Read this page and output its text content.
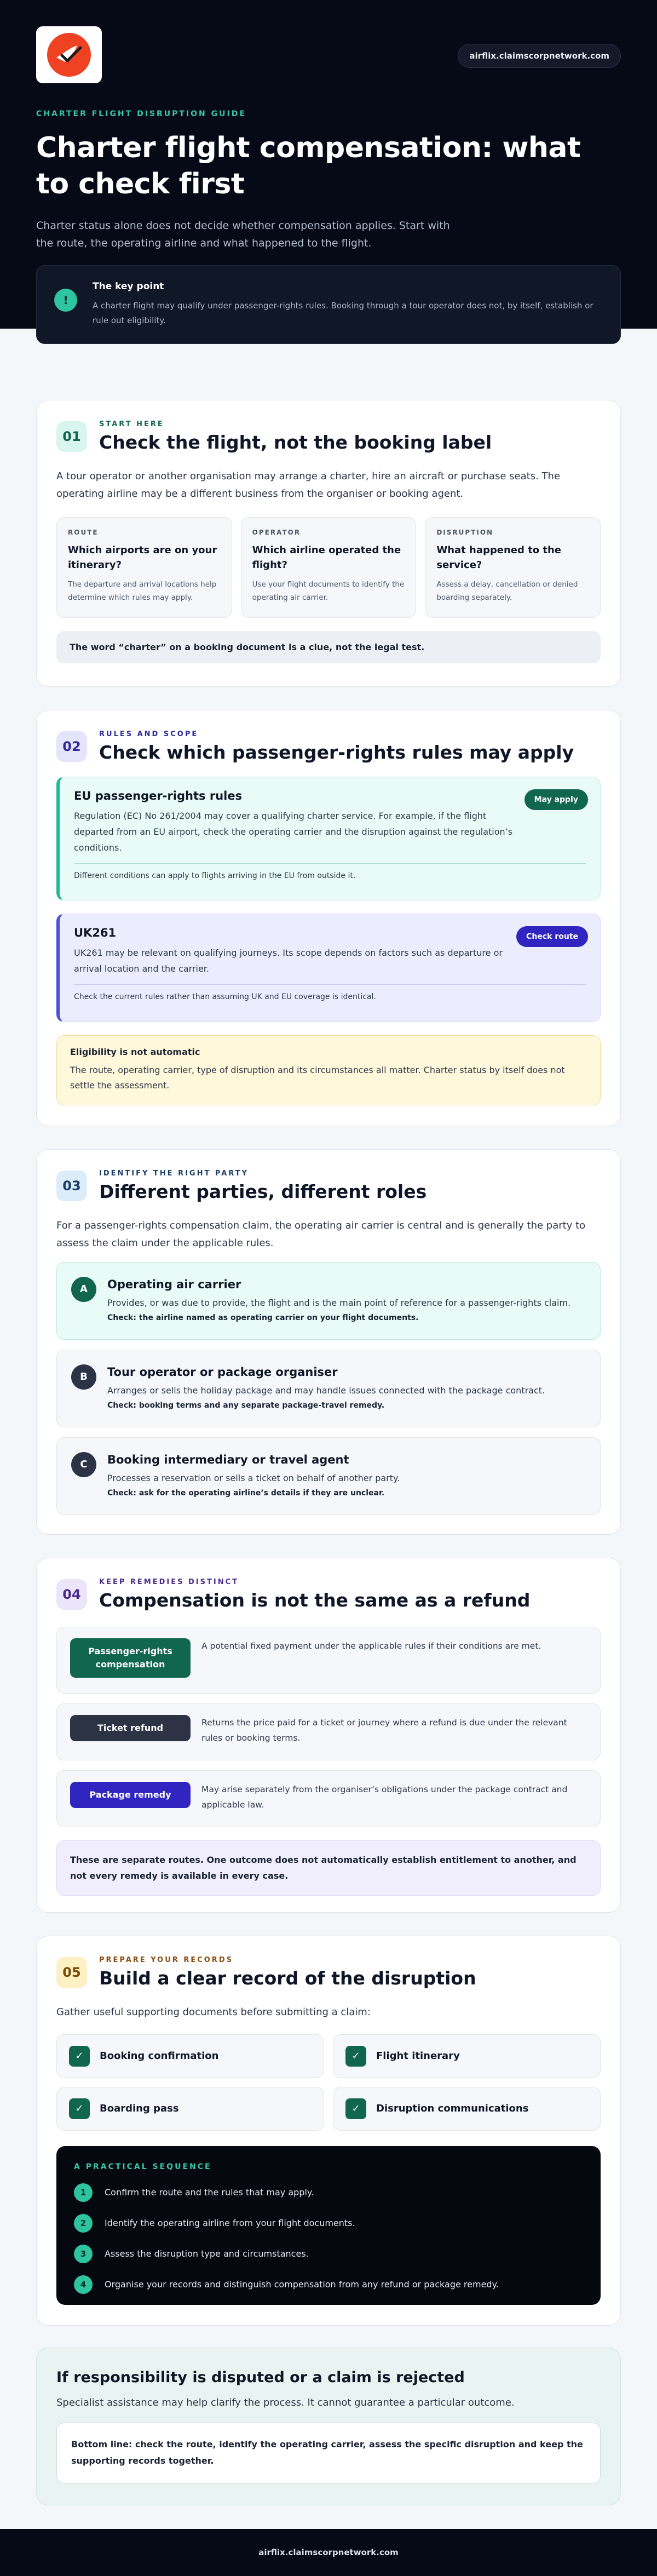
airflix.claimscorpnetwork.com
CHARTER FLIGHT DISRUPTION GUIDE
Charter flight compensation: what to check first

Charter status alone does not decide whether compensation applies. Start with the route, the operating airline and what happened to the flight.

!
The key point
A charter flight may qualify under passenger-rights rules. Booking through a tour operator does not, by itself, establish or rule out eligibility.
01
START HERE
Check the flight, not the booking label

A tour operator or another organisation may arrange a charter, hire an aircraft or purchase seats. The operating airline may be a different business from the organiser or booking agent.

ROUTE
Which airports are on your itinerary?
The departure and arrival locations help determine which rules may apply.
OPERATOR
Which airline operated the flight?
Use your flight documents to identify the operating air carrier.
DISRUPTION
What happened to the service?
Assess a delay, cancellation or denied boarding separately.
The word “charter” on a booking document is a clue, not the legal test.
02
RULES AND SCOPE
Check which passenger-rights rules may apply
EU passenger-rights rules	May apply
Regulation (EC) No 261/2004 may cover a qualifying charter service. For example, if the flight departed from an EU airport, check the operating carrier and the disruption against the regulation’s conditions.
Different conditions can apply to flights arriving in the EU from outside it.
UK261	Check route
UK261 may be relevant on qualifying journeys. Its scope depends on factors such as departure or arrival location and the carrier.
Check the current rules rather than assuming UK and EU coverage is identical.
Eligibility is not automatic
The route, operating carrier, type of disruption and its circumstances all matter. Charter status by itself does not settle the assessment.
03
IDENTIFY THE RIGHT PARTY
Different parties, different roles

For a passenger-rights compensation claim, the operating air carrier is central and is generally the party to assess the claim under the applicable rules.

A	Operating air carrier
Provides, or was due to provide, the flight and is the main point of reference for a passenger-rights claim.
Check: the airline named as operating carrier on your flight documents.
B	Tour operator or package organiser
Arranges or sells the holiday package and may handle issues connected with the package contract.
Check: booking terms and any separate package-travel remedy.
C	Booking intermediary or travel agent
Processes a reservation or sells a ticket on behalf of another party.
Check: ask for the operating airline’s details if they are unclear.
04
KEEP REMEDIES DISTINCT
Compensation is not the same as a refund
Passenger-rights compensation
A potential fixed payment under the applicable rules if their conditions are met.
Ticket refund	Returns the price paid for a ticket or journey where a refund is due under the relevant rules or booking terms.
Package remedy	May arise separately from the organiser’s obligations under the package contract and applicable law.
These are separate routes. One outcome does not automatically establish entitlement to another, and not every remedy is available in every case.
05
PREPARE YOUR RECORDS
Build a clear record of the disruption

Gather useful supporting documents before submitting a claim:

✓	Booking confirmation	✓	Flight itinerary
✓	Boarding pass	✓	Disruption communications
A PRACTICAL SEQUENCE
1	Confirm the route and the rules that may apply.
2	Identify the operating airline from your flight documents.
3	Assess the disruption type and circumstances.
4	Organise your records and distinguish compensation from any refund or package remedy.
If responsibility is disputed or a claim is rejected

Specialist assistance may help clarify the process. It cannot guarantee a particular outcome.

Bottom line: check the route, identify the operating carrier, assess the specific disruption and keep the supporting records together.
airflix.claimscorpnetwork.com
